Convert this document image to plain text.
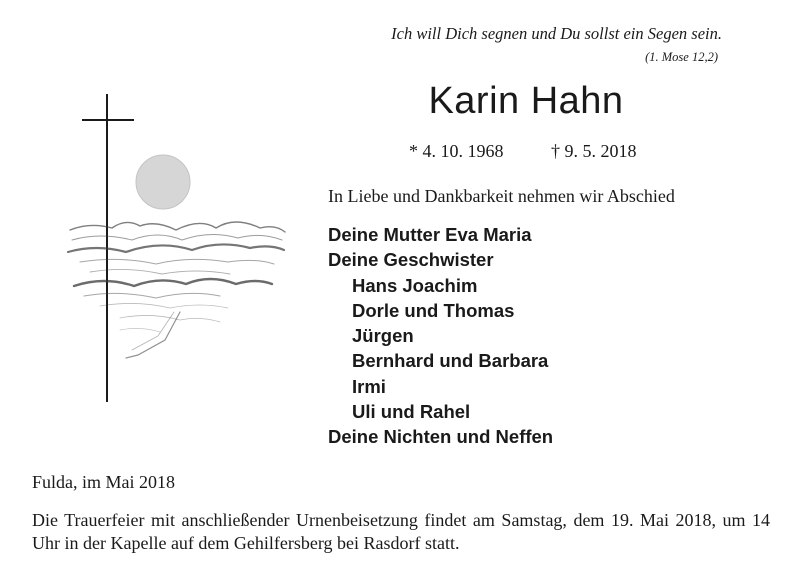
Ich will Dich segnen und Du sollst ein Segen sein.
(1. Mose 12,2)
Karin Hahn
* 4. 10. 1968	† 9. 5. 2018
In Liebe und Dankbarkeit nehmen wir Abschied
Deine Mutter Eva Maria
Deine Geschwister
Hans Joachim
Dorle und Thomas
Jürgen
Bernhard und Barbara
Irmi
Uli und Rahel
Deine Nichten und Neffen
Fulda, im Mai 2018
Die Trauerfeier mit anschließender Urnenbeisetzung findet am Samstag, dem 19. Mai 2018, um 14 Uhr in der Kapelle auf dem Gehilfersberg bei Rasdorf statt.
